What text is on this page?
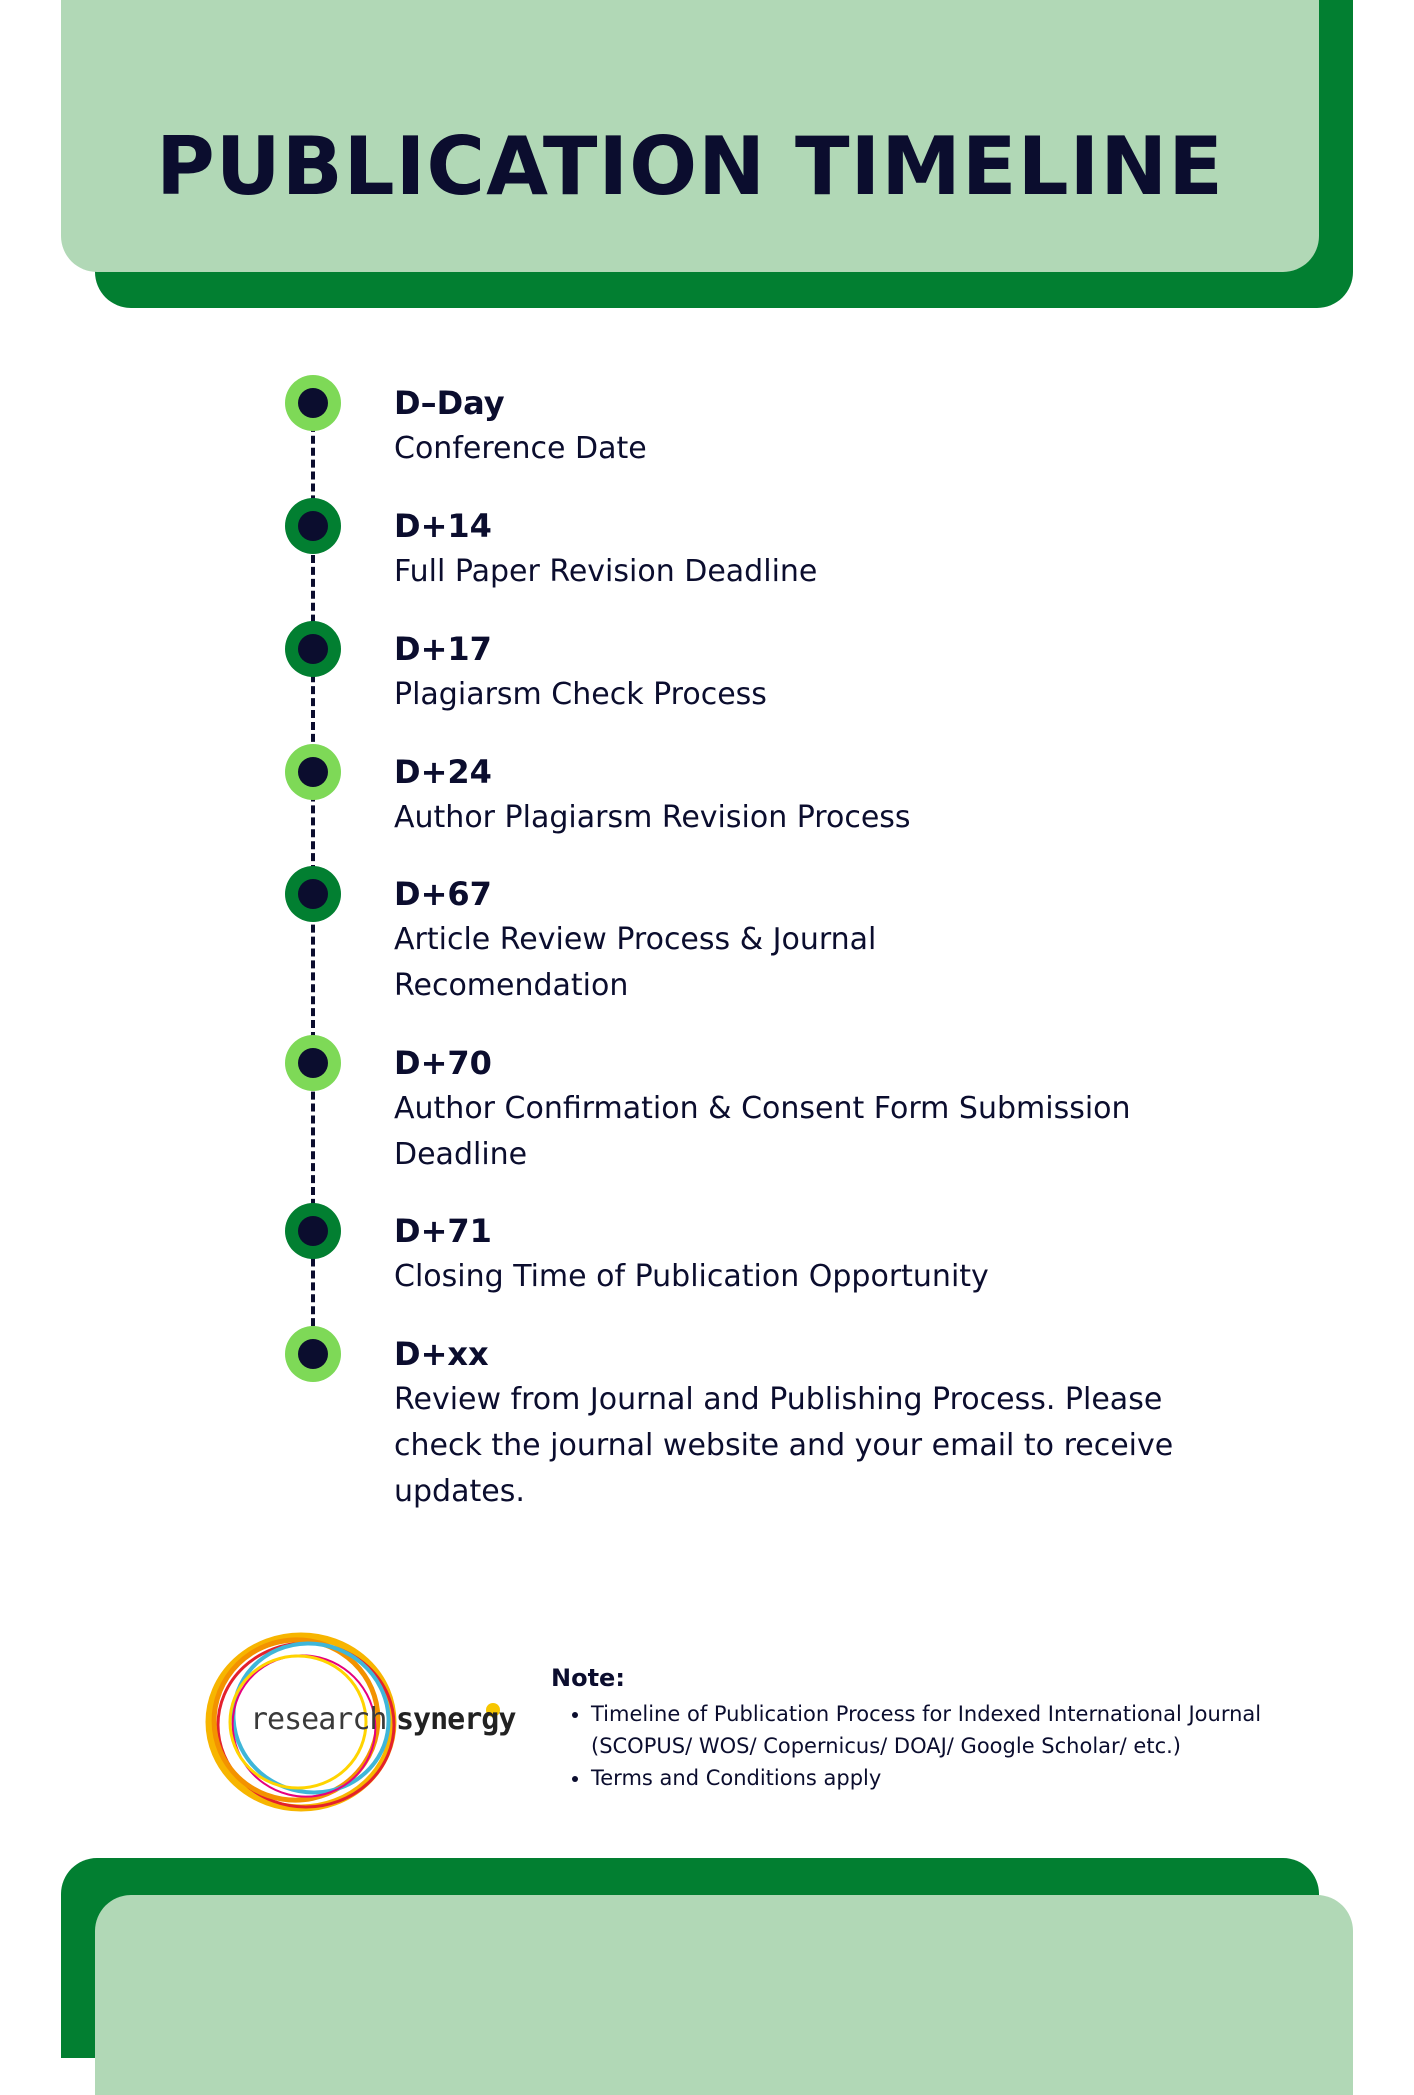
PUBLICATION TIMELINE
D–Day
Conference Date
D+14
Full Paper Revision Deadline
D+17
Plagiarsm Check Process
D+24
Author Plagiarsm Revision Process
D+67
Article Review Process & Journal Recomendation
D+70
Author Confirmation & Consent Form Submission Deadline
D+71
Closing Time of Publication Opportunity
D+xx
Review from Journal and Publishing Process. Please check the journal website and your email to receive updates.
research synergy
Note:
• Timeline of Publication Process for Indexed International Journal (SCOPUS/ WOS/ Copernicus/ DOAJ/ Google Scholar/ etc.)
• Terms and Conditions apply
